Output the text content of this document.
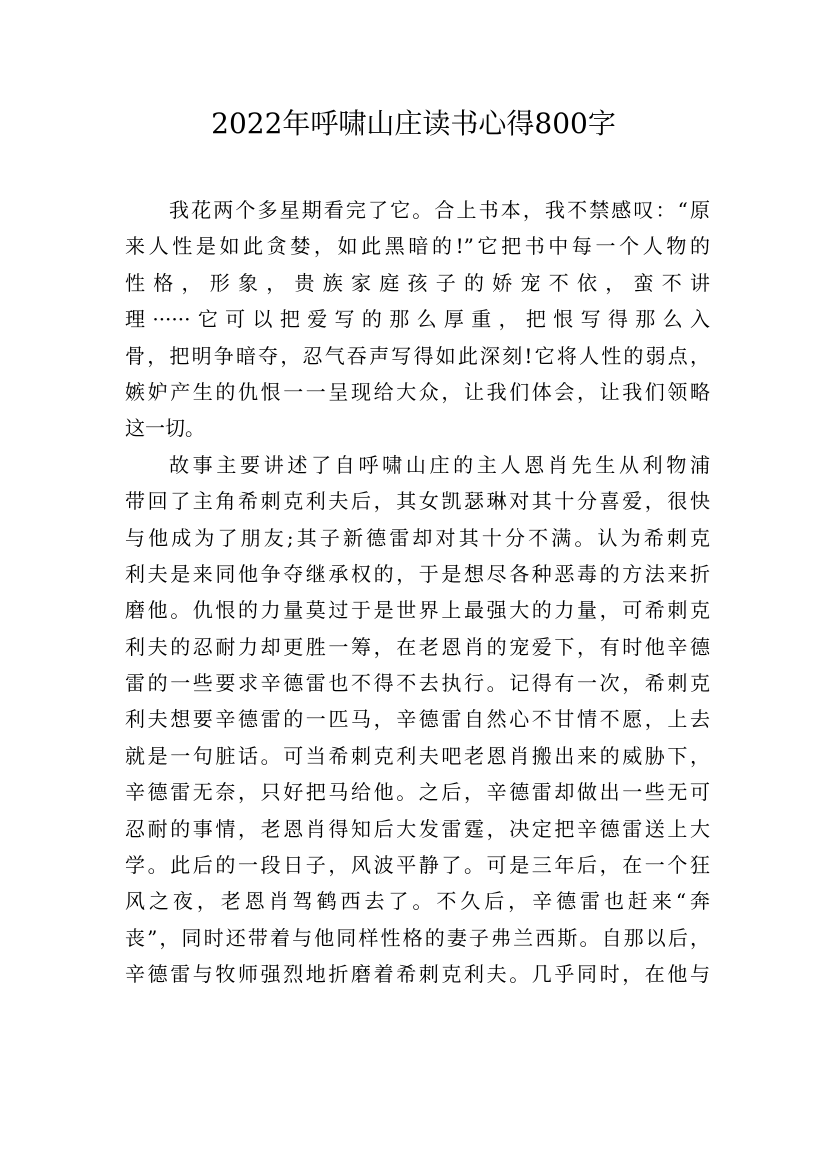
2022年呼啸山庄读书心得800字
我花两个多星期看完了它。合上书本，我不禁感叹：“原
来人性是如此贪婪，如此黑暗的!”它把书中每一个人物的
性格，形象，贵族家庭孩子的娇宠不依，蛮不讲
理······它可以把爱写的那么厚重，把恨写得那么入
骨，把明争暗夺，忍气吞声写得如此深刻!它将人性的弱点，
嫉妒产生的仇恨一一呈现给大众，让我们体会，让我们领略
这一切。
故事主要讲述了自呼啸山庄的主人恩肖先生从利物浦
带回了主角希刺克利夫后，其女凯瑟琳对其十分喜爱，很快
与他成为了朋友;其子新德雷却对其十分不满。认为希刺克
利夫是来同他争夺继承权的，于是想尽各种恶毒的方法来折
磨他。仇恨的力量莫过于是世界上最强大的力量，可希刺克
利夫的忍耐力却更胜一筹，在老恩肖的宠爱下，有时他辛德
雷的一些要求辛德雷也不得不去执行。记得有一次，希刺克
利夫想要辛德雷的一匹马，辛德雷自然心不甘情不愿，上去
就是一句脏话。可当希刺克利夫吧老恩肖搬出来的威胁下，
辛德雷无奈，只好把马给他。之后，辛德雷却做出一些无可
忍耐的事情，老恩肖得知后大发雷霆，决定把辛德雷送上大
学。此后的一段日子，风波平静了。可是三年后，在一个狂
风之夜，老恩肖驾鹤西去了。不久后，辛德雷也赶来“奔
丧”，同时还带着与他同样性格的妻子弗兰西斯。自那以后，
辛德雷与牧师强烈地折磨着希刺克利夫。几乎同时，在他与
